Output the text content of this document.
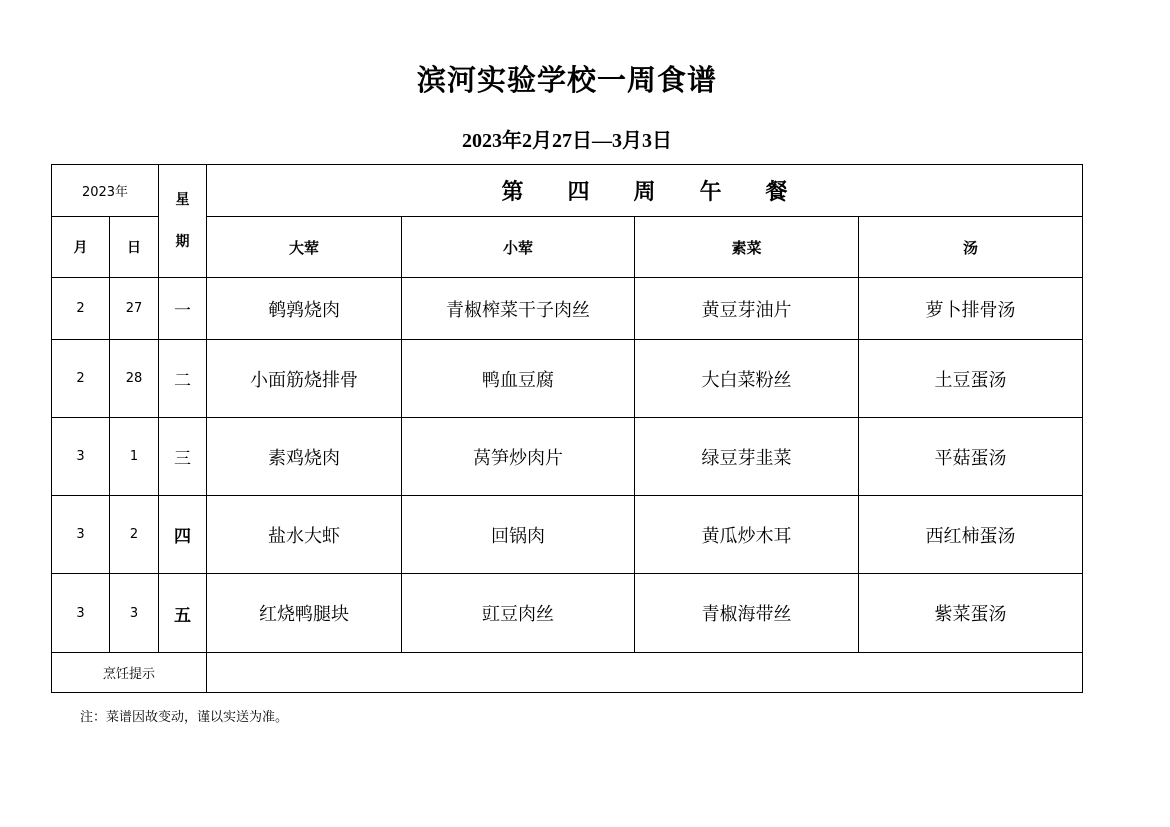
滨河实验学校一周食谱
2023年2月27日—3月3日
2023年		星
期	第四周午餐			
月	日		大荤	小荤	素菜	汤
2	27	一	鹌鹑烧肉	青椒榨菜干子肉丝	黄豆芽油片	萝卜排骨汤
2	28	二	小面筋烧排骨	鸭血豆腐	大白菜粉丝	土豆蛋汤
3	1	三	素鸡烧肉	莴笋炒肉片	绿豆芽韭菜	平菇蛋汤
3	2	四	盐水大虾	回锅肉	黄瓜炒木耳	西红柿蛋汤
3	3	五	红烧鸭腿块	豇豆肉丝	青椒海带丝	紫菜蛋汤
烹饪提示						
注：菜谱因故变动，谨以实送为准。
